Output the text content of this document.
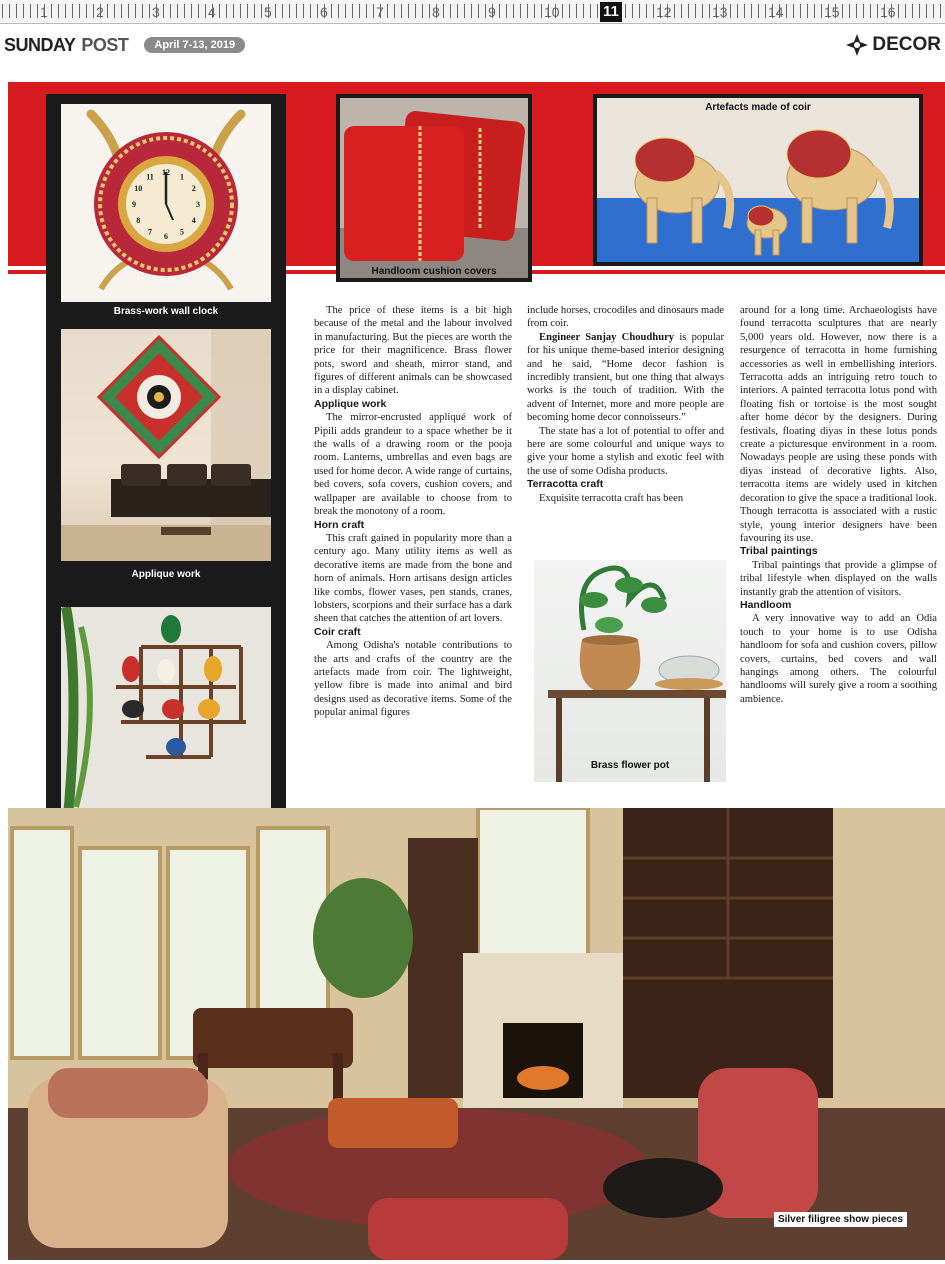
1	2	3	4	5	6	7	8	9	10	11	12	13	14	15	16
SUNDAY POST	April 7-13, 2019	DECOR
12 1
2
3
4
5
6
7
8
9
10
11
Brass-work wall clock
Applique work
Handloom cushion covers
Artefacts made of coir

The price of these items is a bit high because of the metal and the labour involved in manufacturing. But the pieces are worth the price for their magnificence. Brass flower pots, sword and sheath, mirror stand, and figures of different animals can be showcased in a display cabinet.

Applique work

The mirror-encrusted appliqué work of Pipili adds grandeur to a space whether be it the walls of a drawing room or the pooja room. Lanterns, umbrellas and even bags are used for home decor. A wide range of curtains, bed covers, sofa covers, cushion covers, and wallpaper are available to choose from to break the monotony of a room.

Horn craft

This craft gained in popularity more than a century ago. Many utility items as well as decorative items are made from the bone and horn of animals. Horn artisans design articles like combs, flower vases, pen stands, cranes, lobsters, scorpions and their surface has a dark sheen that catches the attention of art lovers.

Coir craft

Among Odisha's notable contributions to the arts and crafts of the country are the artefacts made from coir. The lightweight, yellow fibre is made into animal and bird designs used as decorative items. Some of the popular animal figures

include horses, crocodiles and dinosaurs made from coir.

Engineer Sanjay Choudhury is popular for his unique theme-based interior designing and he said, “Home decor fashion is incredibly transient, but one thing that always works is the touch of tradition. With the advent of Internet, more and more people are becoming home decor connoisseurs.”

The state has a lot of potential to offer and here are some colourful and unique ways to give your home a stylish and exotic feel with the use of some Odisha products.

Terracotta craft

Exquisite terracotta craft has been

Brass flower pot

around for a long time. Archaeologists have found terracotta sculptures that are nearly 5,000 years old. However, now there is a resurgence of terracotta in home furnishing accessories as well in embellishing interiors. Terracotta adds an intriguing retro touch to interiors. A painted terracotta lotus pond with floating fish or tortoise is the most sought after home décor by the designers. During festivals, floating diyas in these lotus ponds create a picturesque environment in a room. Nowadays people are using these ponds with diyas instead of decorative lights. Also, terracotta items are widely used in kitchen decoration to give the space a traditional look. Though terracotta is associated with a rustic style, young interior designers have been favouring its use.

Tribal paintings

Tribal paintings that provide a glimpse of tribal lifestyle when displayed on the walls instantly grab the attention of visitors.

Handloom

A very innovative way to add an Odia touch to your home is to use Odisha handloom for sofa and cushion covers, pillow covers, curtains, bed covers and wall hangings among others. The colourful handlooms will surely give a room a soothing ambience.

Silver filigree show pieces
